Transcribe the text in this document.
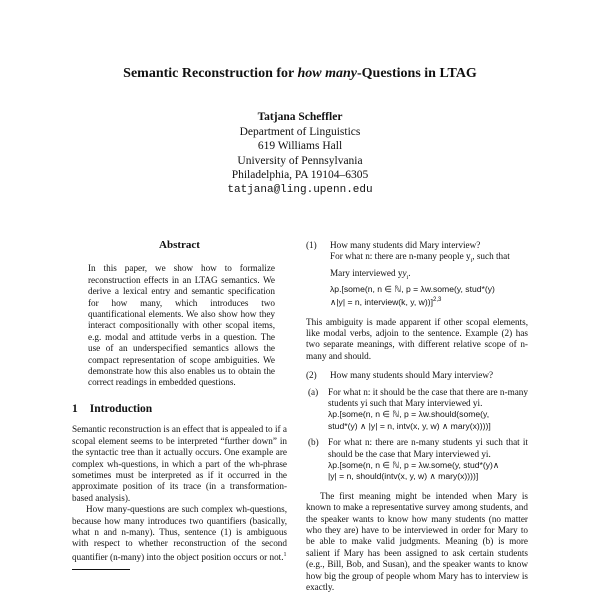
Semantic Reconstruction for how many-Questions in LTAG
Tatjana Scheffler
Department of Linguistics
619 Williams Hall
University of Pennsylvania
Philadelphia, PA 19104–6305
tatjana@ling.upenn.edu
Abstract

In this paper, we show how to formalize reconstruction effects in an LTAG semantics. We derive a lexical entry and semantic specification for how many, which introduces two quantificational elements. We also show how they interact compositionally with other scopal items, e.g. modal and attitude verbs in a question. The use of an underspecified semantics allows the compact representation of scope ambiguities. We demonstrate how this also enables us to obtain the correct readings in embedded questions.

1 Introduction

Semantic reconstruction is an effect that is appealed to if a scopal element seems to be interpreted “further down” in the syntactic tree than it actually occurs. One example are complex wh-questions, in which a part of the wh-phrase sometimes must be interpreted as if it occurred in the approximate position of its trace (in a transformation-based analysis).

How many-questions are such complex wh-questions, because how many introduces two quantifiers (basically, what n and n-many). Thus, sentence (1) is ambiguous with respect to whether reconstruction of the second quantifier (n-many) into the object position occurs or not.$^1$

(1)	How many students did Mary interview?
For what n: there are n-many people $y_i$, such that Mary interviewed $yy_i$.
λp.[some(n, n ∈ ℕ, p = λw.some(y, stud*(y)
∧|y| = n, interview(k, y, w))]$^{2,3}$

This ambiguity is made apparent if other scopal elements, like modal verbs, adjoin to the sentence. Example (2) has two separate meanings, with different relative scope of n-many and should.

(2)	How many students should Mary interview?
(a)	For what n: it should be the case that there are n-many students yi such that Mary interviewed yi.
λp.[some(n, n ∈ ℕ, p = λw.should(some(y,
stud*(y) ∧ |y| = n, intv(x, y, w) ∧ mary(x))))]
(b)	For what n: there are n-many students yi such that it should be the case that Mary interviewed yi.
λp.[some(n, n ∈ ℕ, p = λw.some(y, stud*(y)∧
|y| = n, should(intv(x, y, w) ∧ mary(x))))]

The first meaning might be intended when Mary is known to make a representative survey among students, and the speaker wants to know how many students (no matter who they are) have to be interviewed in order for Mary to be able to make valid judgments. Meaning (b) is more salient if Mary has been assigned to ask certain students (e.g., Bill, Bob, and Susan), and the speaker wants to know how big the group of people whom Mary has to interview is exactly.
